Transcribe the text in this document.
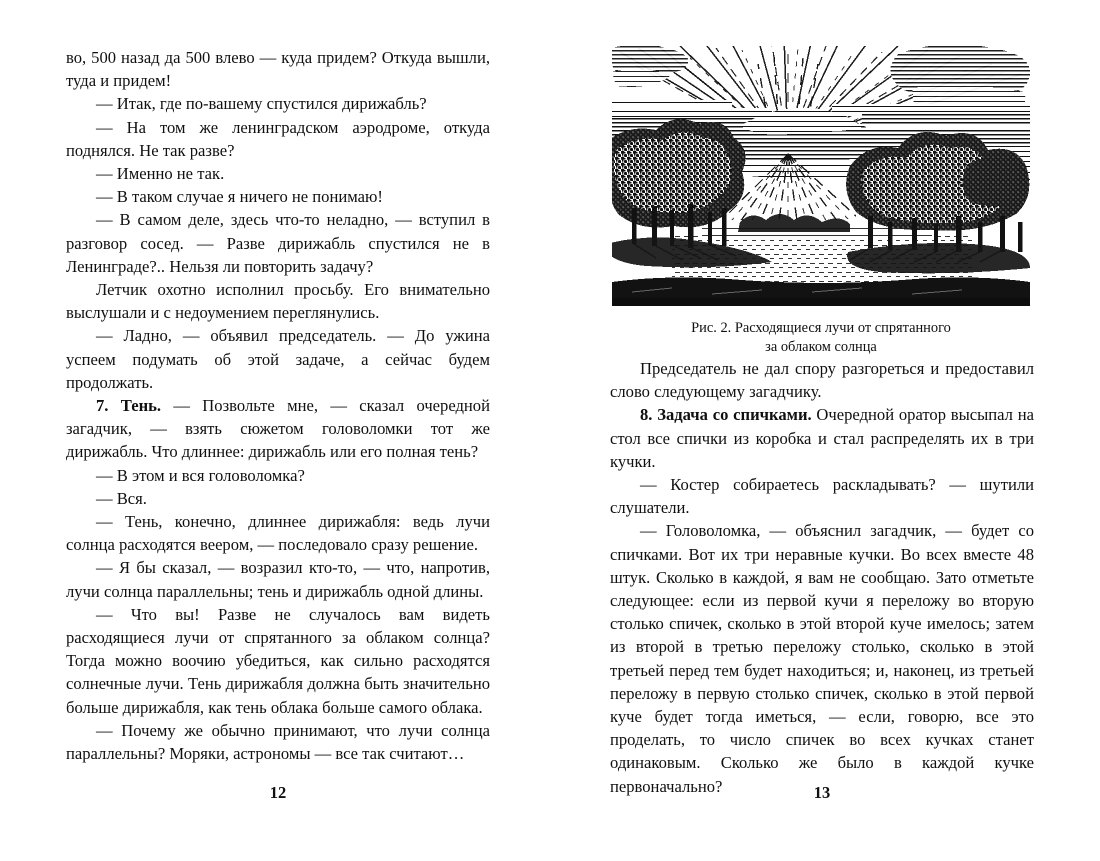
во, 500 назад да 500 влево — куда придем? Откуда вышли, туда и придем!

— Итак, где по-вашему спустился дирижабль?

— На том же ленинградском аэродроме, откуда поднялся. Не так разве?

— Именно не так.

— В таком случае я ничего не понимаю!

— В самом деле, здесь что-то неладно, — вступил в разговор сосед. — Разве дирижабль спустился не в Ленинграде?.. Нельзя ли повторить задачу?

Летчик охотно исполнил просьбу. Его внимательно выслушали и с недоумением переглянулись.

— Ладно, — объявил председатель. — До ужина успеем подумать об этой задаче, а сейчас будем продолжать.

7. Тень. — Позвольте мне, — сказал очередной загадчик, — взять сюжетом головоломки тот же дирижабль. Что длиннее: дирижабль или его полная тень?

— В этом и вся головоломка?

— Вся.

— Тень, конечно, длиннее дирижабля: ведь лучи солнца расходятся веером, — последовало сразу решение.

— Я бы сказал, — возразил кто-то, — что, напротив, лучи солнца параллельны; тень и дирижабль одной длины.

— Что вы! Разве не случалось вам видеть расходящиеся лучи от спрятанного за облаком солнца? Тогда можно воочию убедиться, как сильно расходятся солнечные лучи. Тень дирижабля должна быть значительно больше дирижабля, как тень облака больше самого облака.

— Почему же обычно принимают, что лучи солнца параллельны? Моряки, астрономы — все так считают…

12
Рис. 2. Расходящиеся лучи от спрятанного
за облаком солнца

Председатель не дал спору разгореться и предоставил слово следующему загадчику.

8. Задача со спичками. Очередной оратор высыпал на стол все спички из коробка и стал распределять их в три кучки.

— Костер собираетесь раскладывать? — шутили слушатели.

— Головоломка, — объяснил загадчик, — будет со спичками. Вот их три неравные кучки. Во всех вместе 48 штук. Сколько в каждой, я вам не сообщаю. Зато отметьте следующее: если из первой кучи я переложу во вторую столько спичек, сколько в этой второй куче имелось; затем из второй в третью переложу столько, сколько в этой третьей перед тем будет находиться; и, наконец, из третьей переложу в первую столько спичек, сколько в этой первой куче будет тогда иметься, — если, говорю, все это проделать, то число спичек во всех кучках станет одинаковым. Сколько же было в каждой кучке первоначально?	13
